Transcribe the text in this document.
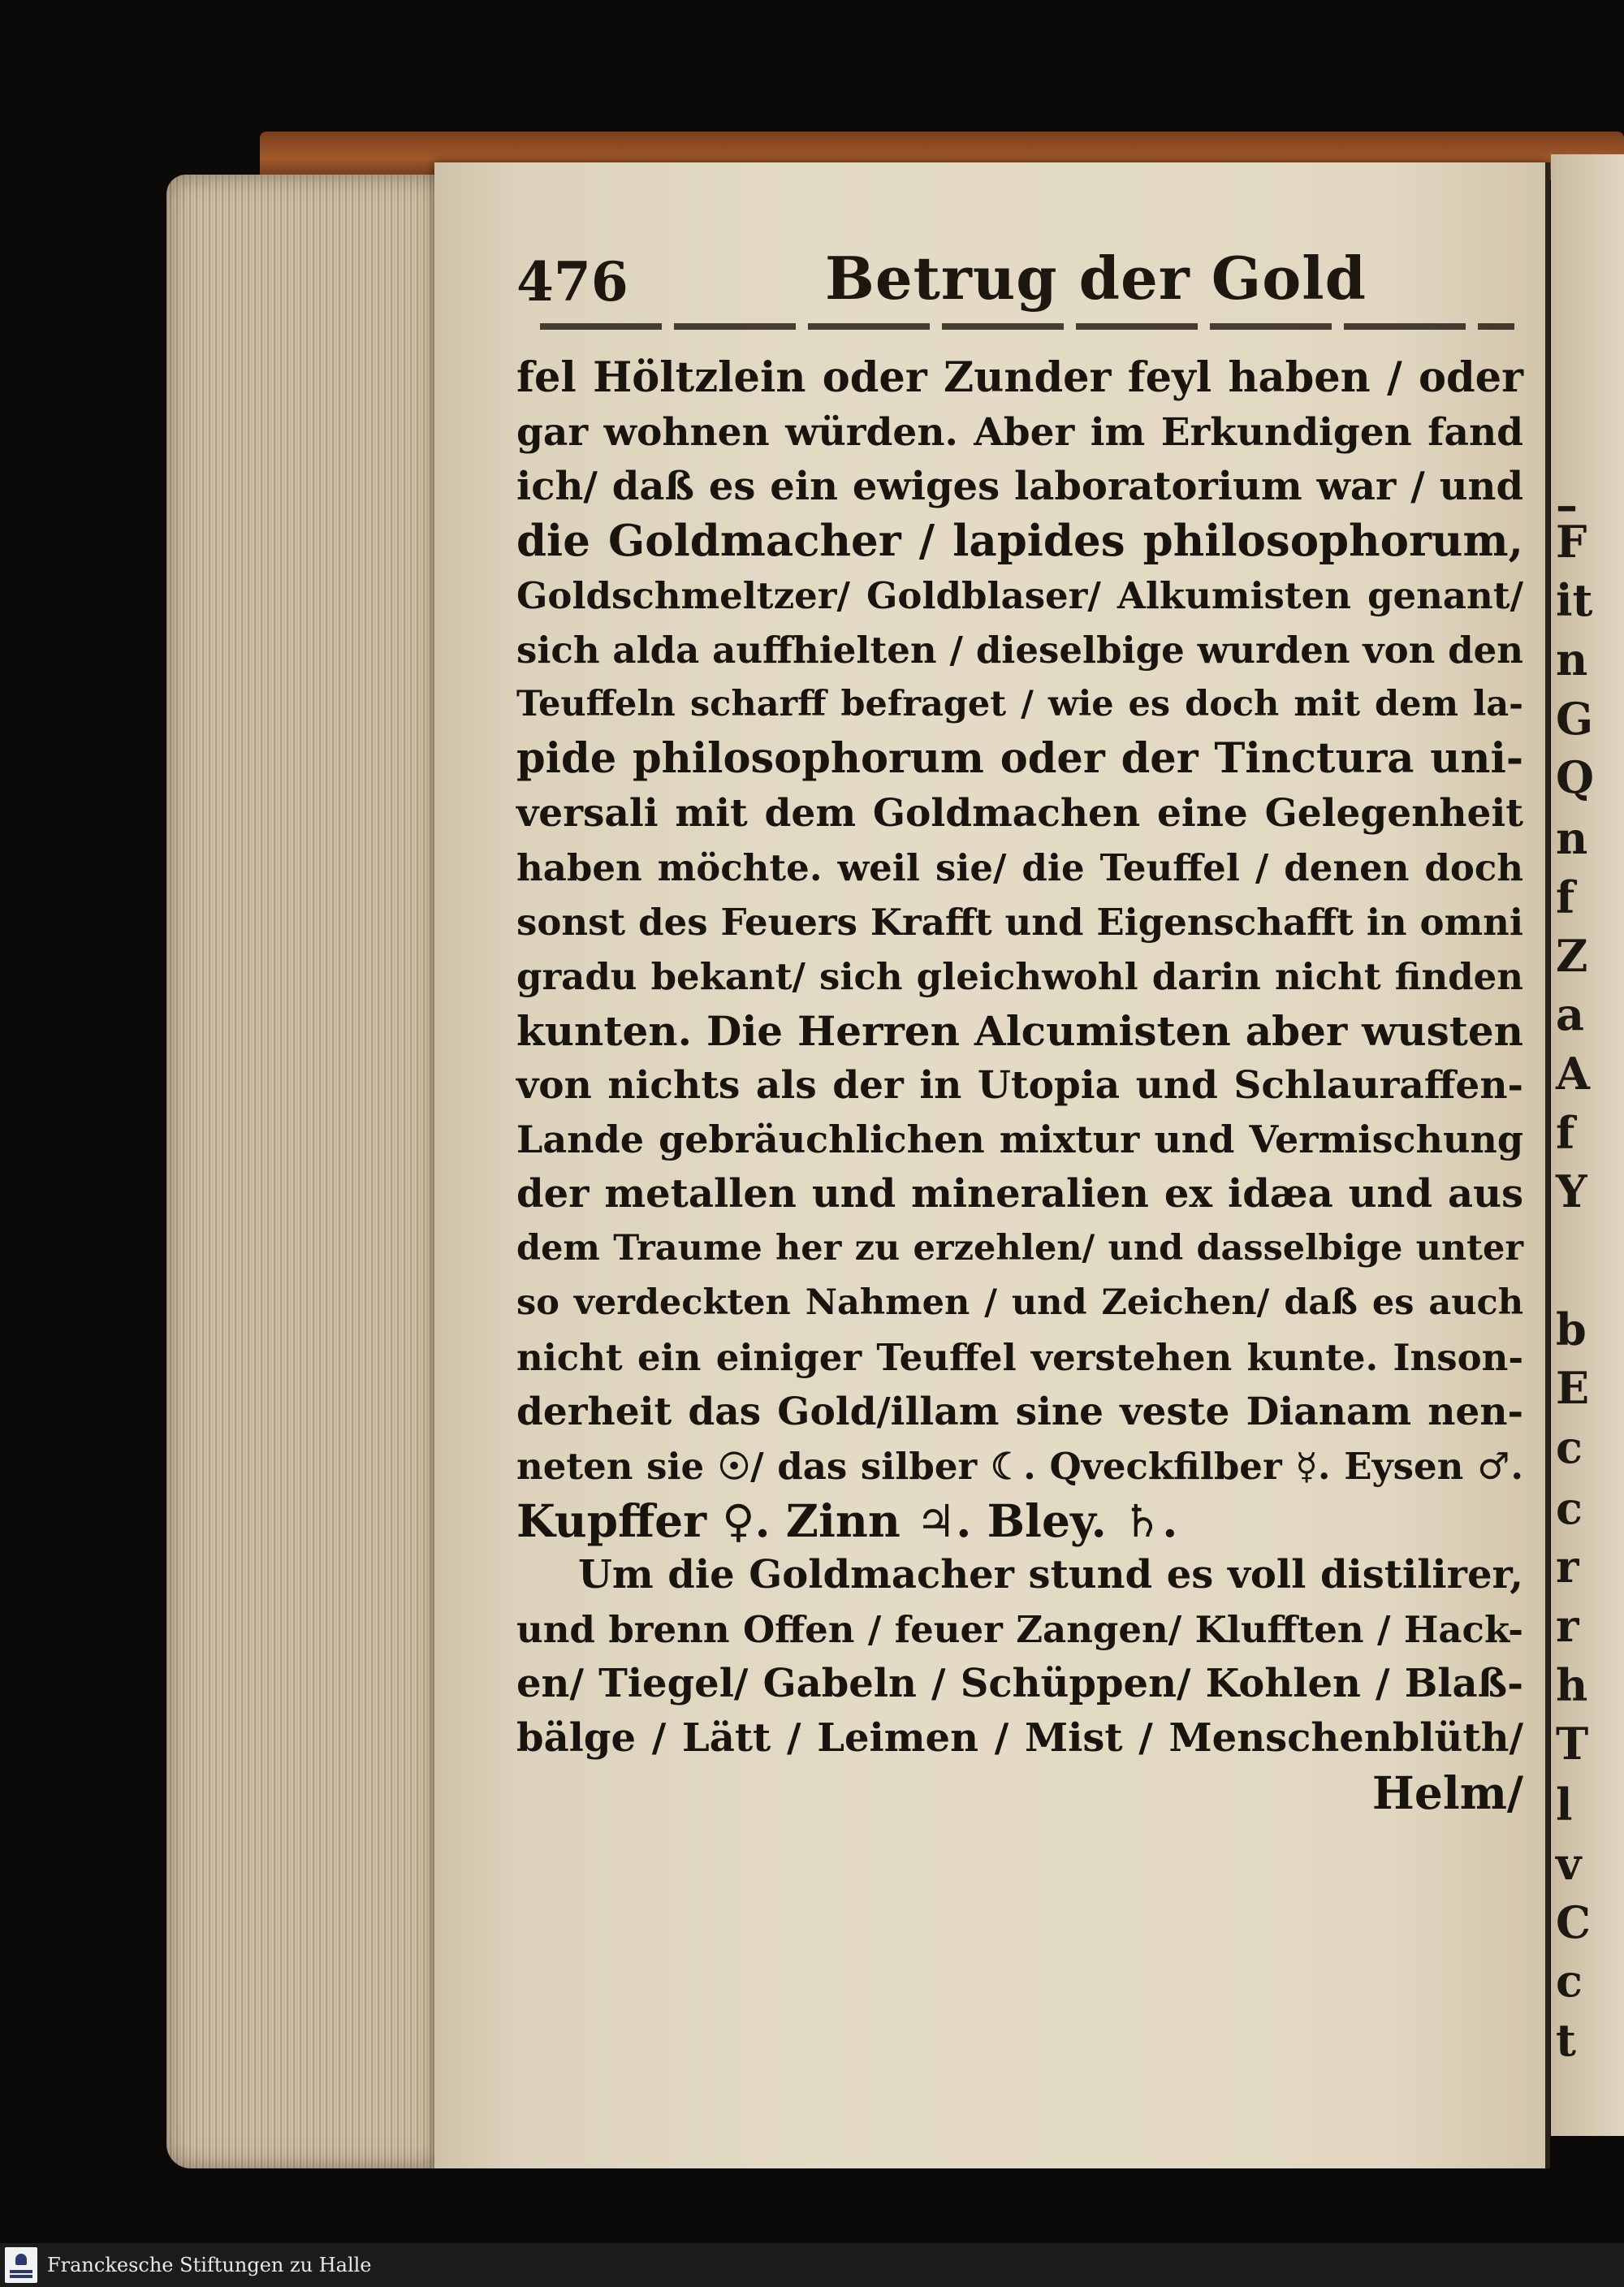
–
F
it
n
G
Q
n
f
Z
a
A
f
Y
b
E
c
c
r
r
h
T
l
v
C
c
t
476	Betrug der Gold
fel Höltzlein oder Zunder feyl haben / oder
gar wohnen würden. Aber im Erkundigen fand
ich/ daß es ein ewiges laboratorium war / und
die Goldmacher / lapides philosophorum,
Goldschmeltzer/ Goldblaser/ Alkumisten genant/
sich alda auffhielten / dieselbige wurden von den
Teuffeln scharff befraget / wie es doch mit dem la-
pide philosophorum oder der Tinctura uni-
versali mit dem Goldmachen eine Gelegenheit
haben möchte. weil sie/ die Teuffel / denen doch
sonst des Feuers Krafft und Eigenschafft in omni
gradu bekant/ sich gleichwohl darin nicht finden
kunten. Die Herren Alcumisten aber wusten
von nichts als der in Utopia und Schlauraffen-
Lande gebräuchlichen mixtur und Vermischung
der metallen und mineralien ex idæa und aus
dem Traume her zu erzehlen/ und dasselbige unter
so verdeckten Nahmen / und Zeichen/ daß es auch
nicht ein einiger Teuffel verstehen kunte. Inson-
derheit das Gold/illam sine veste Dianam nen-
neten sie ☉/ das silber ☾. Qveckfilber ☿. Eysen ♂.
Kupffer ♀. Zinn ♃. Bley. ♄.
Um die Goldmacher stund es voll distilirer,
und brenn Offen / feuer Zangen/ Klufften / Hack-
en/ Tiegel/ Gabeln / Schüppen/ Kohlen / Blaß-
bälge / Lätt / Leimen / Mist / Menschenblüth/
Helm/
Franckesche Stiftungen zu Halle
